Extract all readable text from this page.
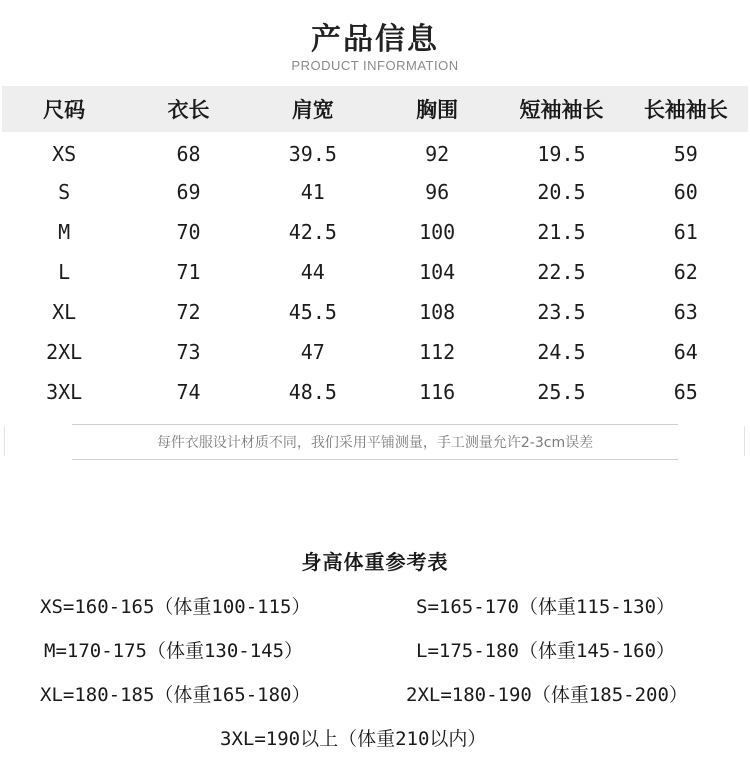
产品信息
PRODUCT INFORMATION
尺码	衣长	肩宽	胸围	短袖袖长	长袖袖长
XS	68	39.5	92	19.5	59
S	69	41	96	20.5	60
M	70	42.5	100	21.5	61
L	71	44	104	22.5	62
XL	72	45.5	108	23.5	63
2XL	73	47	112	24.5	64
3XL	74	48.5	116	25.5	65
每件衣服设计材质不同，我们采用平铺测量，手工测量允许2-3cm误差
身高体重参考表
XS=160-165（体重100-115）	S=165-170（体重115-130）
M=170-175（体重130-145）	L=175-180（体重145-160）
XL=180-185（体重165-180）	2XL=180-190（体重185-200）
3XL=190以上（体重210以内）
